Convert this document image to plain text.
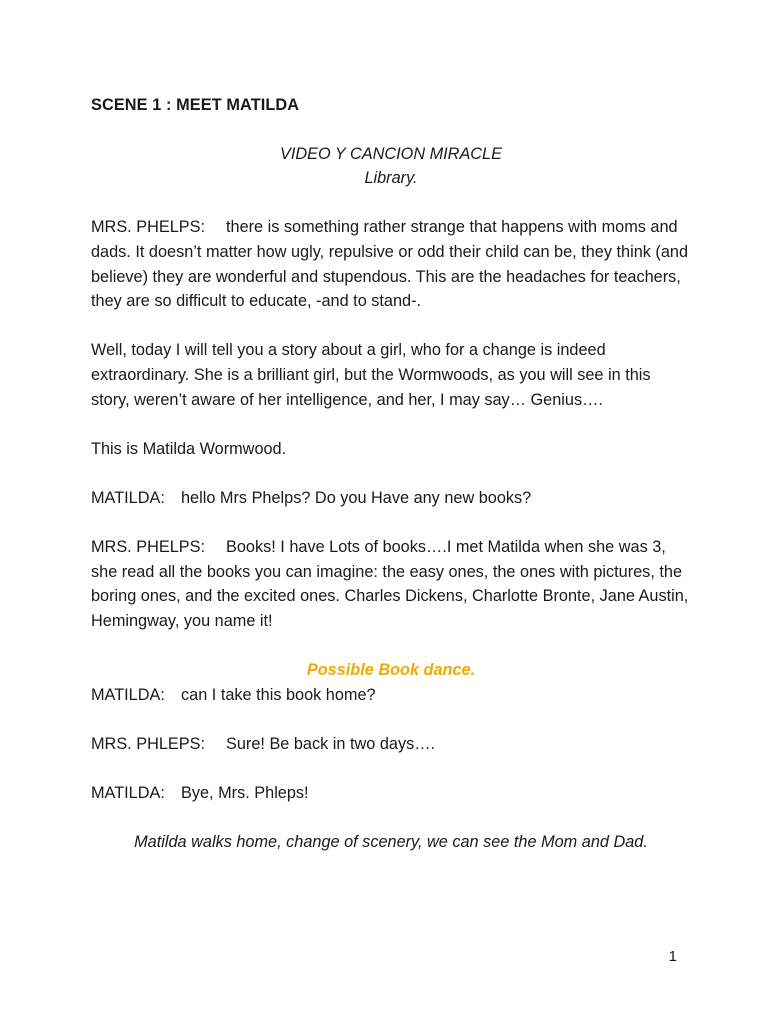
SCENE 1 : MEET MATILDA

VIDEO Y CANCION MIRACLE

Library.

MRS. PHELPS: there is something rather strange that happens with moms and dads. It doesn’t matter how ugly, repulsive or odd their child can be, they think (and believe) they are wonderful and stupendous. This are the headaches for teachers, they are so difficult to educate, -and to stand-.

Well, today I will tell you a story about a girl, who for a change is indeed extraordinary. She is a brilliant girl, but the Wormwoods, as you will see in this story, weren’t aware of her intelligence, and her, I may say… Genius….

This is Matilda Wormwood.

MATILDA: hello Mrs Phelps? Do you Have any new books?

MRS. PHELPS: Books! I have Lots of books….I met Matilda when she was 3, she read all the books you can imagine: the easy ones, the ones with pictures, the boring ones, and the excited ones. Charles Dickens, Charlotte Bronte, Jane Austin, Hemingway, you name it!

Possible Book dance.

MATILDA: can I take this book home?

MRS. PHLEPS: Sure! Be back in two days….

MATILDA: Bye, Mrs. Phleps!

Matilda walks home, change of scenery, we can see the Mom and Dad.

1
